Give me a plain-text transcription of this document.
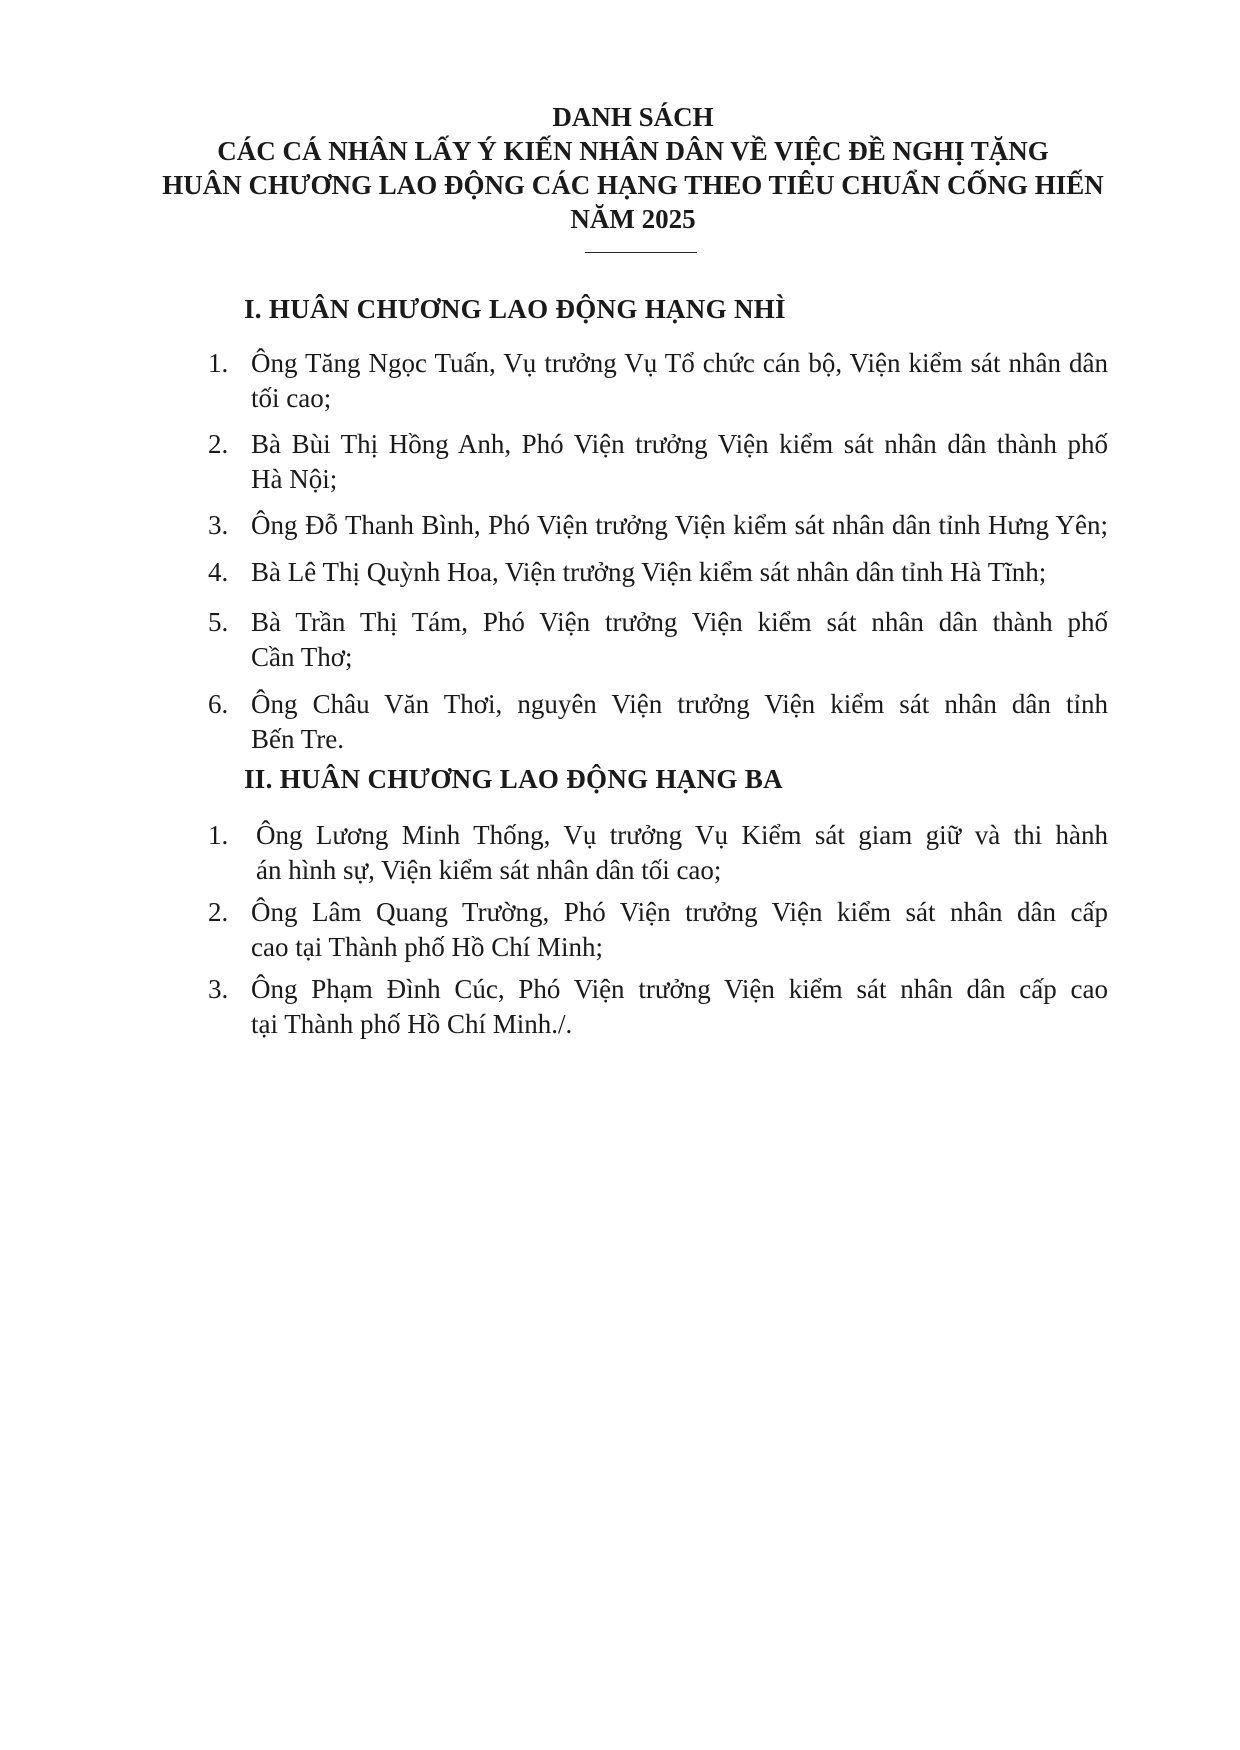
DANH SÁCH
CÁC CÁ NHÂN LẤY Ý KIẾN NHÂN DÂN VỀ VIỆC ĐỀ NGHỊ TẶNG
HUÂN CHƯƠNG LAO ĐỘNG CÁC HẠNG THEO TIÊU CHUẨN CỐNG HIẾN
NĂM 2025
I. HUÂN CHƯƠNG LAO ĐỘNG HẠNG NHÌ
1. Ông Tăng Ngọc Tuấn, Vụ trưởng Vụ Tổ chức cán bộ, Viện kiểm sát nhân dân
tối cao;
2. Bà Bùi Thị Hồng Anh, Phó Viện trưởng Viện kiểm sát nhân dân thành phố
Hà Nội;
3. Ông Đỗ Thanh Bình, Phó Viện trưởng Viện kiểm sát nhân dân tỉnh Hưng Yên;
4. Bà Lê Thị Quỳnh Hoa, Viện trưởng Viện kiểm sát nhân dân tỉnh Hà Tĩnh;
5. Bà Trần Thị Tám, Phó Viện trưởng Viện kiểm sát nhân dân thành phố
Cần Thơ;
6. Ông Châu Văn Thơi, nguyên Viện trưởng Viện kiểm sát nhân dân tỉnh
Bến Tre.
II. HUÂN CHƯƠNG LAO ĐỘNG HẠNG BA
1.	Ông Lương Minh Thống, Vụ trưởng Vụ Kiểm sát giam giữ và thi hành
án hình sự, Viện kiểm sát nhân dân tối cao;
2. Ông Lâm Quang Trường, Phó Viện trưởng Viện kiểm sát nhân dân cấp
cao tại Thành phố Hồ Chí Minh;
3. Ông Phạm Đình Cúc, Phó Viện trưởng Viện kiểm sát nhân dân cấp cao
tại Thành phố Hồ Chí Minh./.
